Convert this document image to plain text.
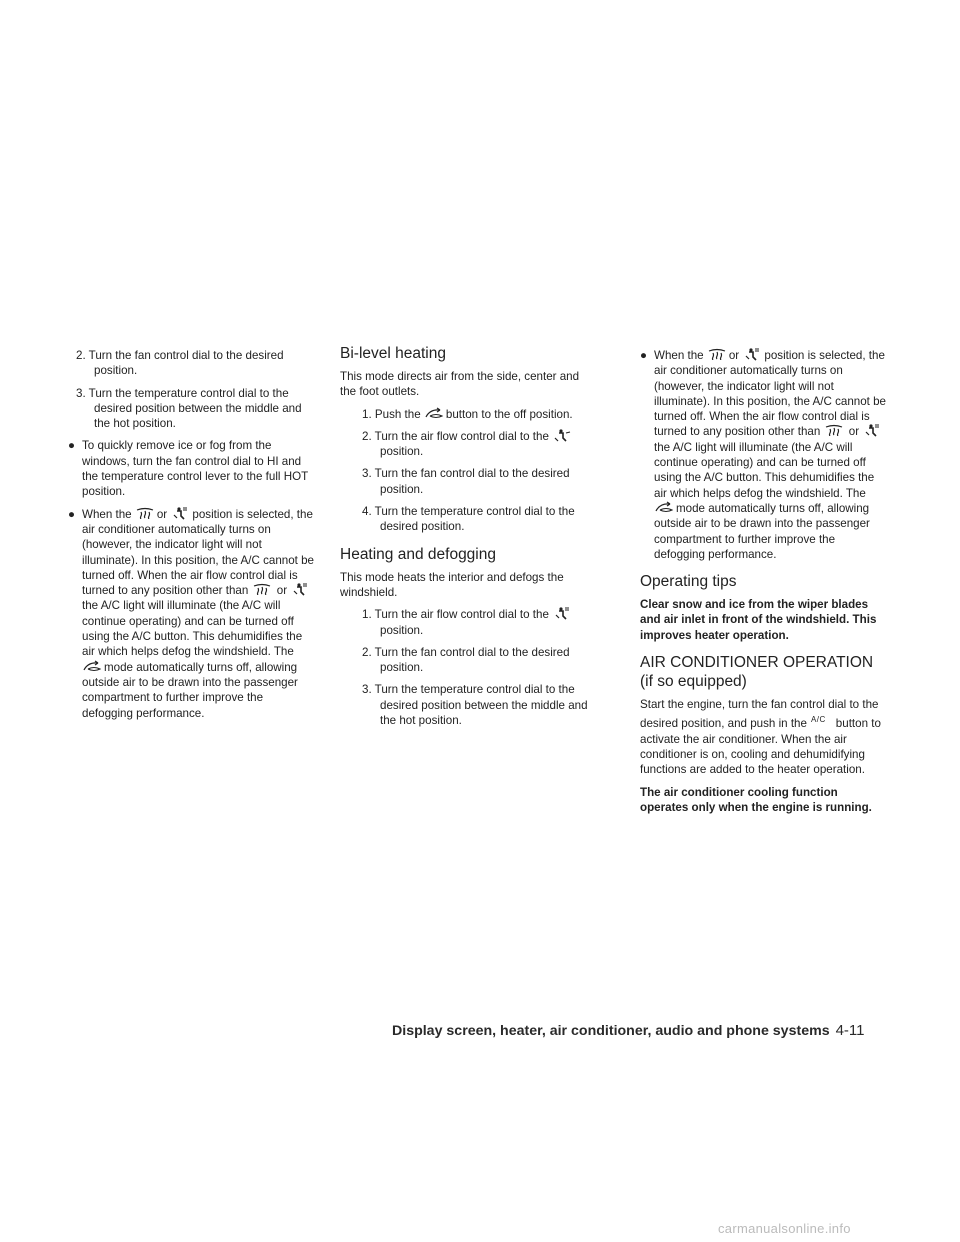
2. Turn the fan control dial to the desired position.

3. Turn the temperature control dial to the desired position between the middle and the hot position.

● To quickly remove ice or fog from the windows, turn the fan control dial to HI and the temperature control lever to the full HOT position.

● When the or position is selected, the air conditioner automatically turns on (however, the indicator light will not illuminate). In this position, the A/C cannot be turned off. When the air flow control dial is turned to any position other than or
the A/C light will illuminate (the A/C will continue operating) and can be turned off using the A/C button. This dehumidifies the air which helps defog the windshield. The
mode automatically turns off, allowing outside air to be drawn into the passenger compartment to further improve the defogging performance.

Bi-level heating

This mode directs air from the side, center and the foot outlets.

1. Push the button to the off position.

2. Turn the air flow control dial to the

position.

3. Turn the fan control dial to the desired position.

4. Turn the temperature control dial to the desired position.

Heating and defogging

This mode heats the interior and defogs the windshield.

1. Turn the air flow control dial to the

position.

2. Turn the fan control dial to the desired position.

3. Turn the temperature control dial to the desired position between the middle and the hot position.

● When the or position is selected, the air conditioner automatically turns on (however, the indicator light will not illuminate). In this position, the A/C cannot be turned off. When the air flow control dial is turned to any position other than or
the A/C light will illuminate (the A/C will continue operating) and can be turned off using the A/C button. This dehumidifies the air which helps defog the windshield. The
mode automatically turns off, allowing outside air to be drawn into the passenger compartment to further improve the defogging performance.

Operating tips

Clear snow and ice from the wiper blades and air inlet in front of the windshield. This improves heater operation.

AIR CONDITIONER OPERATION (if so equipped)

Start the engine, turn the fan control dial to the desired position, and push in the A/C button to activate the air conditioner. When the air conditioner is on, cooling and dehumidifying functions are added to the heater operation.

The air conditioner cooling function operates only when the engine is running.

Display screen, heater, air conditioner, audio and phone systems 4-11
carmanualsonline.info
